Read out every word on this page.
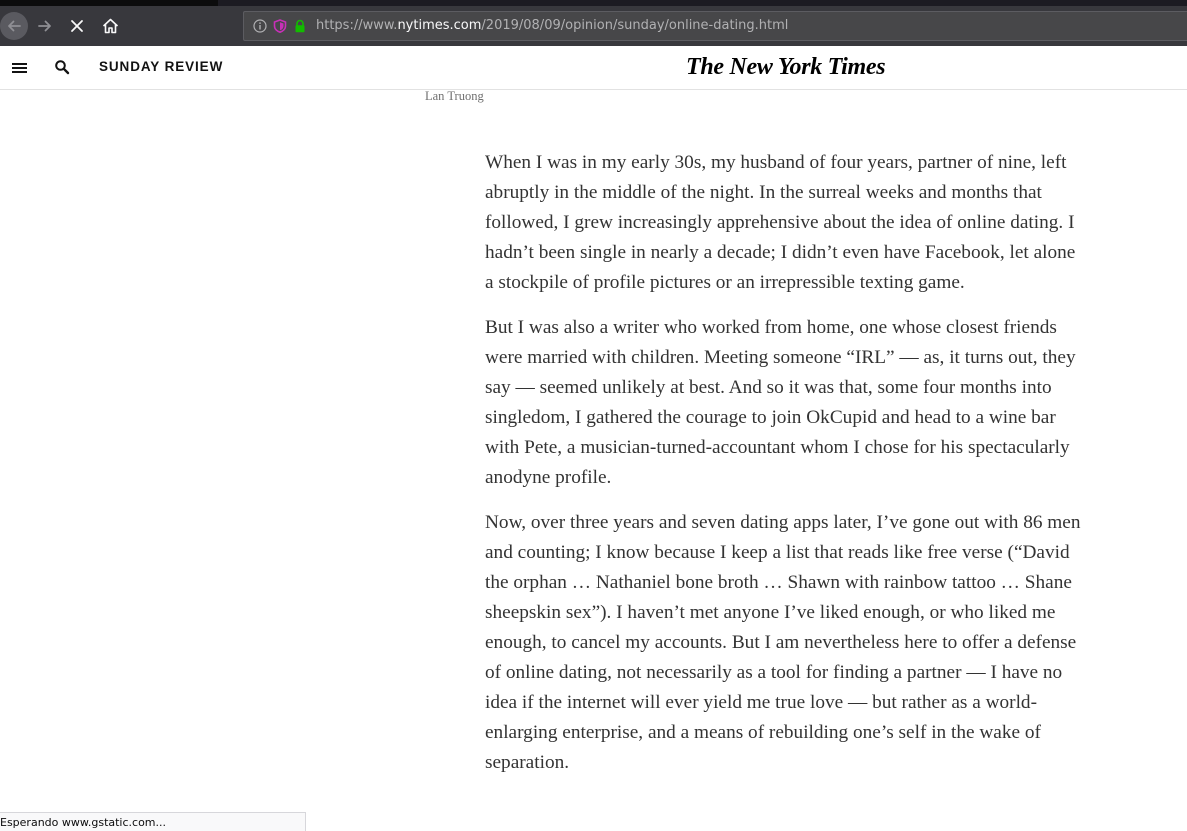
https://www.nytimes.com/2019/08/09/opinion/sunday/online-dating.html
SUNDAY REVIEW	The New York Times
Lan Truong

When I was in my early 30s, my husband of four years, partner of nine, left abruptly in the middle of the night. In the surreal weeks and months that followed, I grew increasingly apprehensive about the idea of online dating. I hadn’t been single in nearly a decade; I didn’t even have Facebook, let alone a stockpile of profile pictures or an irrepressible texting game.

But I was also a writer who worked from home, one whose closest friends were married with children. Meeting someone “IRL” — as, it turns out, they say — seemed unlikely at best. And so it was that, some four months into singledom, I gathered the courage to join OkCupid and head to a wine bar with Pete, a musician-turned-accountant whom I chose for his spectacularly anodyne profile.

Now, over three years and seven dating apps later, I’ve gone out with 86 men and counting; I know because I keep a list that reads like free verse (“David the orphan … Nathaniel bone broth … Shawn with rainbow tattoo … Shane sheepskin sex”). I haven’t met anyone I’ve liked enough, or who liked me enough, to cancel my accounts. But I am nevertheless here to offer a defense of online dating, not necessarily as a tool for finding a partner — I have no idea if the internet will ever yield me true love — but rather as a world-enlarging enterprise, and a means of rebuilding one’s self in the wake of separation.

Esperando www.gstatic.com...
